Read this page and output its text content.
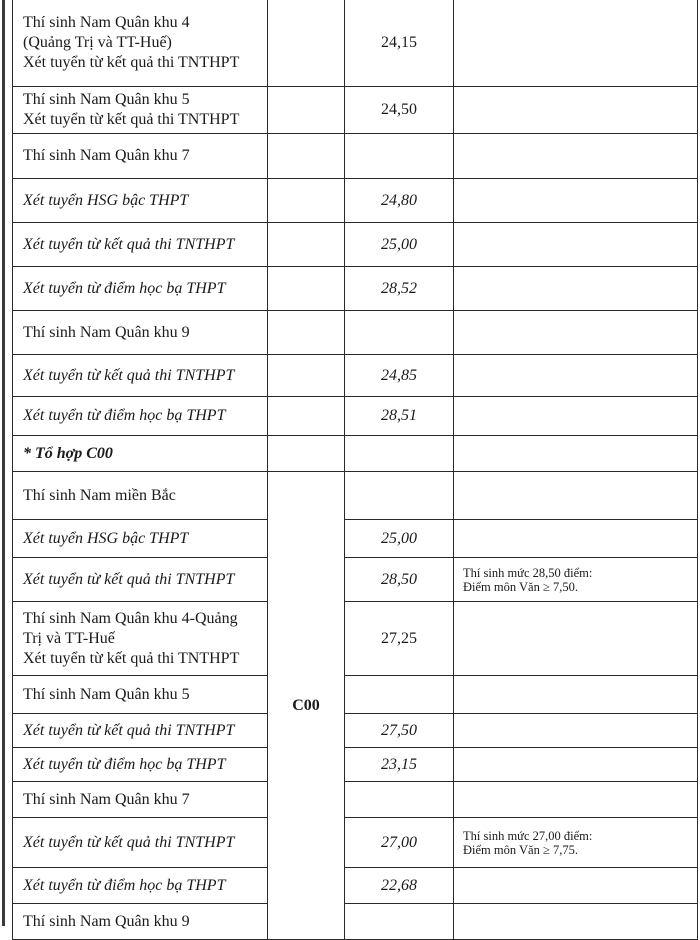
Thí sinh Nam Quân khu 4
(Quảng Trị và TT-Huế)
Xét tuyển từ kết quả thi TNTHPT		24,15	

Thí sinh Nam Quân khu 5
Xét tuyển từ kết quả thi TNTHPT		24,50	

Thí sinh Nam Quân khu 7			

Xét tuyển HSG bậc THPT		24,80	

Xét tuyển từ kết quả thi TNTHPT		25,00	

Xét tuyển từ điểm học bạ THPT		28,52	

Thí sinh Nam Quân khu 9			

Xét tuyển từ kết quả thi TNTHPT		24,85	

Xét tuyển từ điểm học bạ THPT		28,51	

* Tổ hợp C00			

Thí sinh Nam miền Bắc	C00		

Xét tuyển HSG bậc THPT		25,00	

Xét tuyển từ kết quả thi TNTHPT		28,50	Thí sinh mức 28,50 điểm:
Điểm môn Văn ≥ 7,50.

Thí sinh Nam Quân khu 4-Quảng
Trị và TT-Huế
Xét tuyển từ kết quả thi TNTHPT		27,25	

Thí sinh Nam Quân khu 5			

Xét tuyển từ kết quả thi TNTHPT		27,50	

Xét tuyển từ điểm học bạ THPT		23,15	

Thí sinh Nam Quân khu 7			

Xét tuyển từ kết quả thi TNTHPT		27,00	Thí sinh mức 27,00 điểm:
Điểm môn Văn ≥ 7,75.

Xét tuyển từ điểm học bạ THPT		22,68	

Thí sinh Nam Quân khu 9			
